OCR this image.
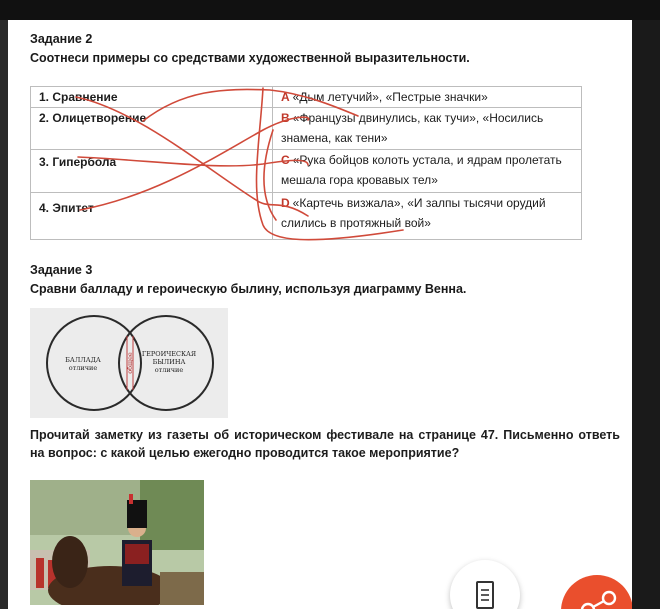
Задание 2

Соотнеси примеры со средствами художественной выразительности.

1. Сравнение	А «Дым летучий», «Пестрые значки»
2. Олицетворение	В «Французы двинулись, как тучи», «Носились знамена, как тени»
3. Гипербола	С «Рука бойцов колоть устала, и ядрам пролетать мешала гора кровавых тел»
4. Эпитет	D «Картечь визжала», «И залпы тысячи орудий слились в протяжный вой»

Задание 3

Сравни балладу и героическую былину, используя диаграмму Венна.

БАЛЛАДА
отличие	общее	ГЕРОИЧЕСКАЯ БЫЛИНА
отличие

Прочитай заметку из газеты об историческом фестивале на странице 47. Письменно ответь на вопрос: с какой целью ежегодно проводится такое мероприятие?
